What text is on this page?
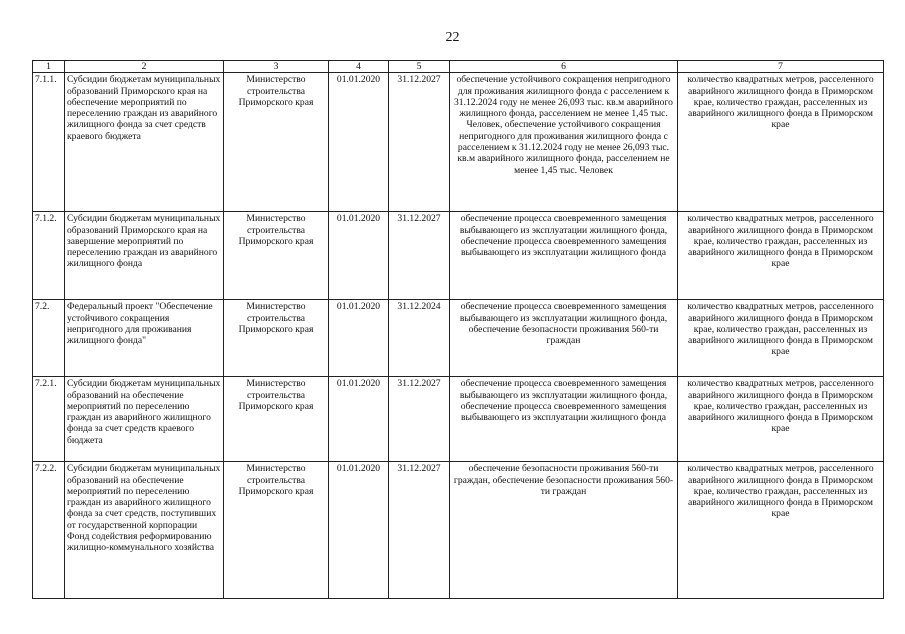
22
1	2	3	4	5	6	7
7.1.1.	Субсидии бюджетам муниципальных образований Приморского края на обеспечение мероприятий по переселению граждан из аварийного жилищного фонда за счет средств краевого бюджета	Министерство строительства Приморского края	01.01.2020	31.12.2027	обеспечение устойчивого сокращения непригодного для проживания жилищного фонда с расселением к 31.12.2024 году не менее 26,093 тыс. кв.м аварийного жилищного фонда, расселением не менее 1,45 тыс. Человек, обеспечение устойчивого сокращения непригодного для проживания жилищного фонда с расселением к 31.12.2024 году не менее 26,093 тыс. кв.м аварийного жилищного фонда, расселением не менее 1,45 тыс. Человек	количество квадратных метров, расселенного аварийного жилищного фонда в Приморском крае, количество граждан, расселенных из аварийного жилищного фонда в Приморском крае
7.1.2.	Субсидии бюджетам муниципальных образований Приморского края на завершение мероприятий по переселению граждан из аварийного жилищного фонда	Министерство строительства Приморского края	01.01.2020	31.12.2027	обеспечение процесса своевременного замещения выбывающего из эксплуатации жилищного фонда, обеспечение процесса своевременного замещения выбывающего из эксплуатации жилищного фонда	количество квадратных метров, расселенного аварийного жилищного фонда в Приморском крае, количество граждан, расселенных из аварийного жилищного фонда в Приморском крае
7.2.	Федеральный проект "Обеспечение устойчивого сокращения непригодного для проживания жилищного фонда"	Министерство строительства Приморского края	01.01.2020	31.12.2024	обеспечение процесса своевременного замещения выбывающего из эксплуатации жилищного фонда, обеспечение безопасности проживания 560-ти граждан	количество квадратных метров, расселенного аварийного жилищного фонда в Приморском крае, количество граждан, расселенных из аварийного жилищного фонда в Приморском крае
7.2.1.	Субсидии бюджетам муниципальных образований на обеспечение мероприятий по переселению граждан из аварийного жилищного фонда за счет средств краевого бюджета	Министерство строительства Приморского края	01.01.2020	31.12.2027	обеспечение процесса своевременного замещения выбывающего из эксплуатации жилищного фонда, обеспечение процесса своевременного замещения выбывающего из эксплуатации жилищного фонда	количество квадратных метров, расселенного аварийного жилищного фонда в Приморском крае, количество граждан, расселенных из аварийного жилищного фонда в Приморском крае
7.2.2.	Субсидии бюджетам муниципальных образований на обеспечение мероприятий по переселению граждан из аварийного жилищного фонда за счет средств, поступивших от государственной корпорации Фонд содействия реформированию жилищно-коммунального хозяйства	Министерство строительства Приморского края	01.01.2020	31.12.2027	обеспечение безопасности проживания 560-ти граждан, обеспечение безопасности проживания 560-ти граждан	количество квадратных метров, расселенного аварийного жилищного фонда в Приморском крае, количество граждан, расселенных из аварийного жилищного фонда в Приморском крае
